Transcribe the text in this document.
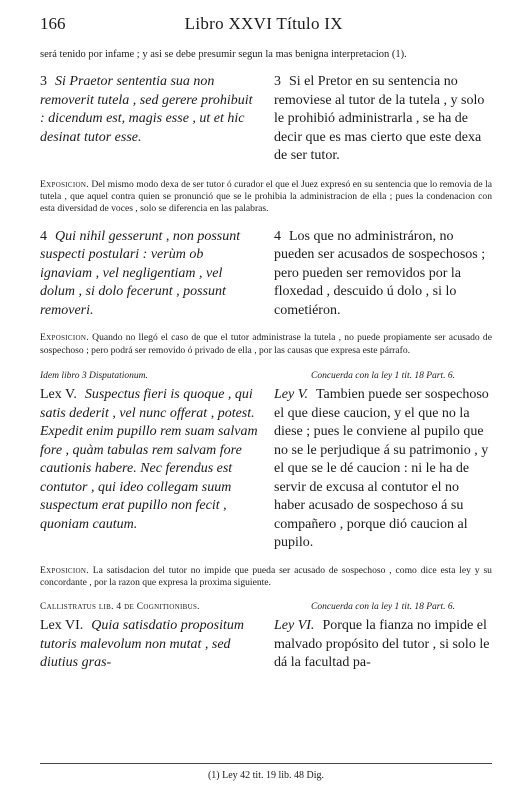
166	Libro XXVI Título IX
será tenido por infame ; y asi se debe presumir segun la mas benigna interpretacion (1).
3 Si Praetor sententia sua non removerit tutela , sed gerere prohibuit : dicendum est, magis esse , ut et hic desinat tutor esse.
3 Si el Pretor en su sentencia no removiese al tutor de la tutela , y solo le prohibió administrarla , se ha de decir que es mas cierto que este dexa de ser tutor.
Exposicion. Del mismo modo dexa de ser tutor ó curador el que el Juez expresó en su sentencia que lo removia de la tutela , que aquel contra quien se pronunció que se le prohibia la administracion de ella ; pues la condenacion con esta diversidad de voces , solo se diferencia en las palabras.
4 Qui nihil gesserunt , non possunt suspecti postulari : verùm ob ignaviam , vel negligentiam , vel dolum , si dolo fecerunt , possunt removeri.
4 Los que no administráron, no pueden ser acusados de sospechosos ; pero pueden ser removidos por la floxedad , descuido ú dolo , si lo cometiéron.
Exposicion. Quando no llegó el caso de que el tutor administrase la tutela , no puede propiamente ser acusado de sospechoso ; pero podrá ser removido ó privado de ella , por las causas que expresa este párrafo.
Idem libro 3 Disputationum.
Lex V. Suspectus fieri is quoque , qui satis dederit , vel nunc offerat , potest. Expedit enim pupillo rem suam salvam fore , quàm tabulas rem salvam fore cautionis habere. Nec ferendus est contutor , qui ideo collegam suum suspectum erat pupillo non fecit , quoniam cautum.
Concuerda con la ley 1 tit. 18 Part. 6.
Ley V. Tambien puede ser sospechoso el que diese caucion, y el que no la diese ; pues le conviene al pupilo que no se le perjudique á su patrimonio , y el que se le dé caucion : ni le ha de servir de excusa al contutor el no haber acusado de sospechoso á su compañero , porque dió caucion al pupilo.
Exposicion. La satisdacion del tutor no impide que pueda ser acusado de sospechoso , como dice esta ley y su concordante , por la razon que expresa la proxima siguiente.
Callistratus lib. 4 de Cognitionibus.
Lex VI. Quia satisdatio propositum tutoris malevolum non mutat , sed diutius gras-
Concuerda con la ley 1 tit. 18 Part. 6.
Ley VI. Porque la fianza no impide el malvado propósito del tutor , si solo le dá la facultad pa-
(1) Ley 42 tit. 19 lib. 48 Dig.
